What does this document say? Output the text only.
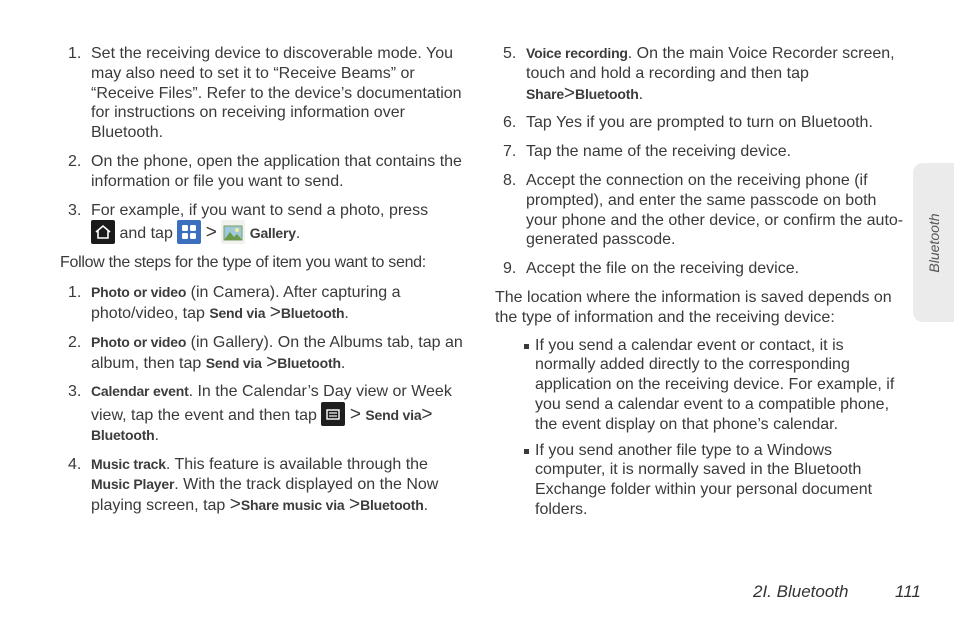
1. Set the receiving device to discoverable mode. You may also need to set it to “Receive Beams” or “Receive Files”. Refer to the device’s documentation for instructions on receiving information over Bluetooth.
2. On the phone, open the application that contains the information or file you want to send.
3. For example, if you want to send a photo, press

and tap > Gallery.

Follow the steps for the type of item you want to send:

1. Photo or video (in Camera). After capturing a photo/video, tap Send via >Bluetooth.
2. Photo or video (in Gallery). On the Albums tab, tap an album, then tap Send via >Bluetooth.
3. Calendar event. In the Calendar’s Day view or Week view, tap the event and then tap > Send via> Bluetooth.
4. Music track. This feature is available through the Music Player. With the track displayed on the Now playing screen, tap >Share music via >Bluetooth.
5. Voice recording. On the main Voice Recorder screen, touch and hold a recording and then tap Share>Bluetooth.
6. Tap Yes if you are prompted to turn on Bluetooth.
7. Tap the name of the receiving device.
8. Accept the connection on the receiving phone (if prompted), and enter the same passcode on both your phone and the other device, or confirm the auto-generated passcode.
9. Accept the file on the receiving device.

The location where the information is saved depends on the type of information and the receiving device:

If you send a calendar event or contact, it is normally added directly to the corresponding application on the receiving device. For example, if you send a calendar event to a compatible phone, the event display on that phone’s calendar.
If you send another file type to a Windows computer, it is normally saved in the Bluetooth Exchange folder within your personal document folders.
Bluetooth
2I. Bluetooth	111
